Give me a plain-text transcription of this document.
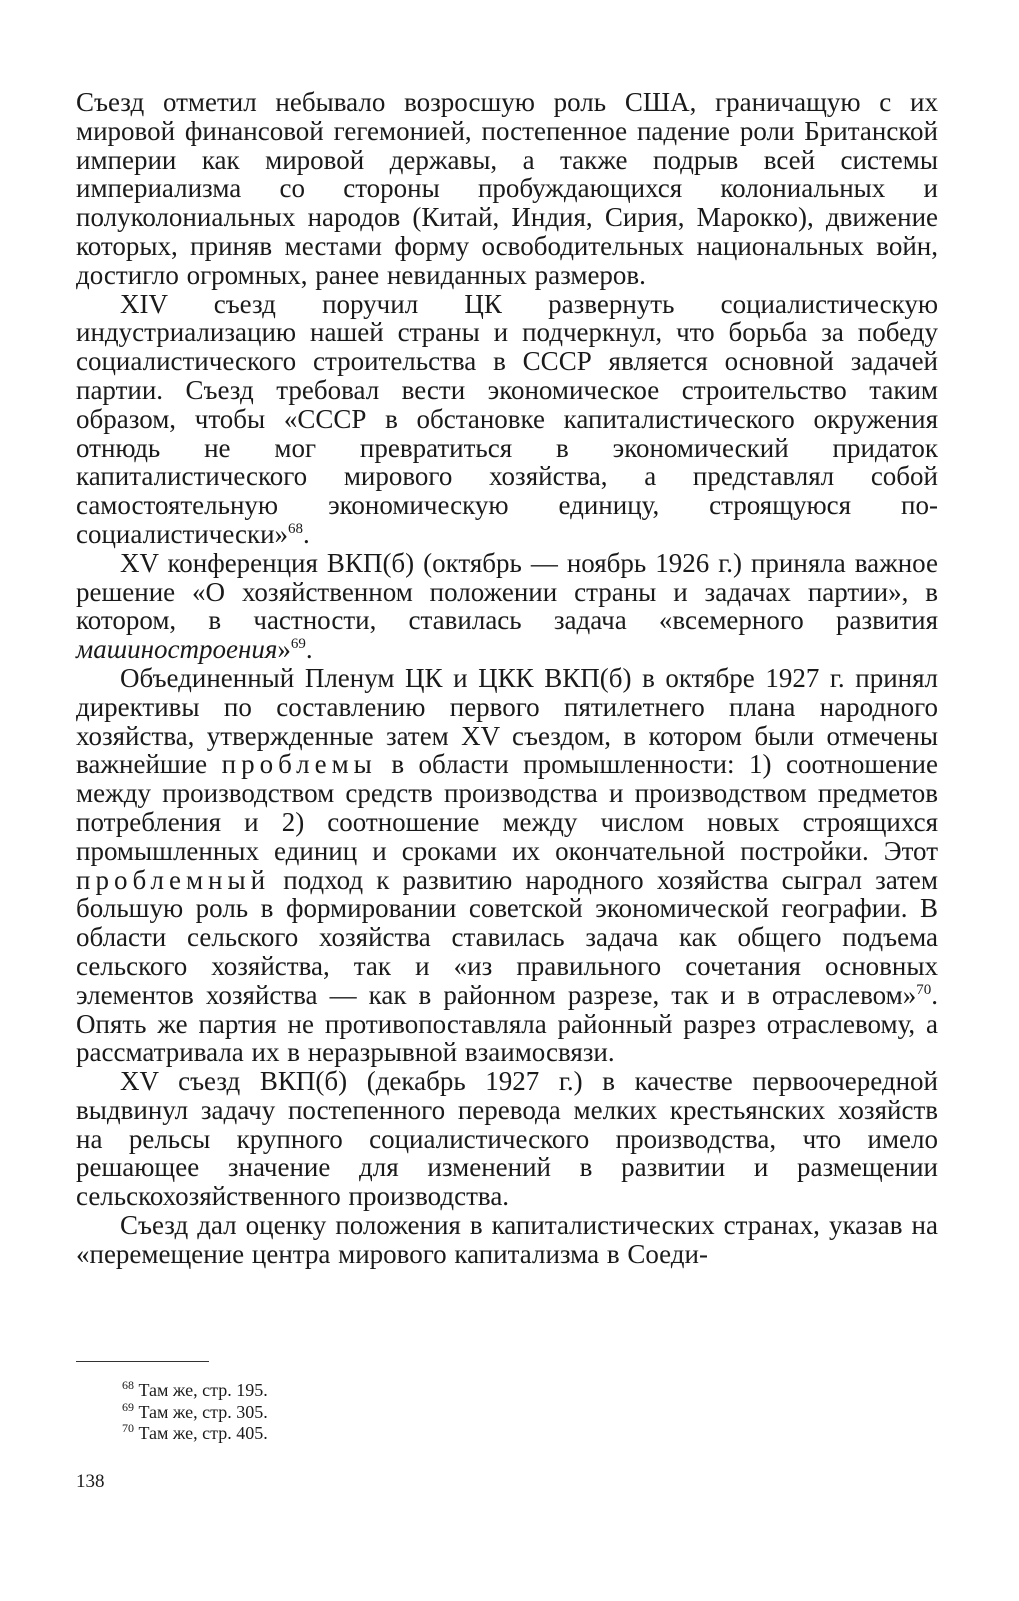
Съезд отметил небывало возросшую роль США, граничащую с их мировой финансовой гегемонией, постепенное падение роли Британской империи как мировой державы, а также подрыв всей системы империализма со стороны пробуждающихся колониальных и полуколониальных народов (Китай, Индия, Сирия, Марокко), движение которых, приняв местами форму освободительных национальных войн, достигло огромных, ранее невиданных размеров.

XIV съезд поручил ЦК развернуть социалистическую индустриализацию нашей страны и подчеркнул, что борьба за победу социалистического строительства в СССР является основной задачей партии. Съезд требовал вести экономическое строительство таким образом, чтобы «СССР в обстановке капиталистического окружения отнюдь не мог превратиться в экономический придаток капиталистического мирового хозяйства, а представлял собой самостоятельную экономическую единицу, строящуюся по-социалистически»$^{68}$.

XV конференция ВКП(б) (октябрь — ноябрь 1926 г.) приняла важное решение «О хозяйственном положении страны и задачах партии», в котором, в частности, ставилась задача «всемерного развития машиностроения»$^{69}$.

Объединенный Пленум ЦК и ЦКК ВКП(б) в октябре 1927 г. принял директивы по составлению первого пятилетнего плана народного хозяйства, утвержденные затем XV съездом, в котором были отмечены важнейшие проблемы в области промышленности: 1) соотношение между производством средств производства и производством предметов потребления и 2) соотношение между числом новых строящихся промышленных единиц и сроками их окончательной постройки. Этот проблемный подход к развитию народного хозяйства сыграл затем большую роль в формировании советской экономической географии. В области сельского хозяйства ставилась задача как общего подъема сельского хозяйства, так и «из правильного сочетания основных элементов хозяйства — как в районном разрезе, так и в отраслевом»$^{70}$. Опять же партия не противопоставляла районный разрез отраслевому, а рассматривала их в неразрывной взаимосвязи.

XV съезд ВКП(б) (декабрь 1927 г.) в качестве первоочередной выдвинул задачу постепенного перевода мелких крестьянских хозяйств на рельсы крупного социалистического производства, что имело решающее значение для изменений в развитии и размещении сельскохозяйственного производства.

Съезд дал оценку положения в капиталистических странах, указав на «перемещение центра мирового капитализма в Соеди-

$^{68}$ Там же, стр. 195.

$^{69}$ Там же, стр. 305.

$^{70}$ Там же, стр. 405.

138
